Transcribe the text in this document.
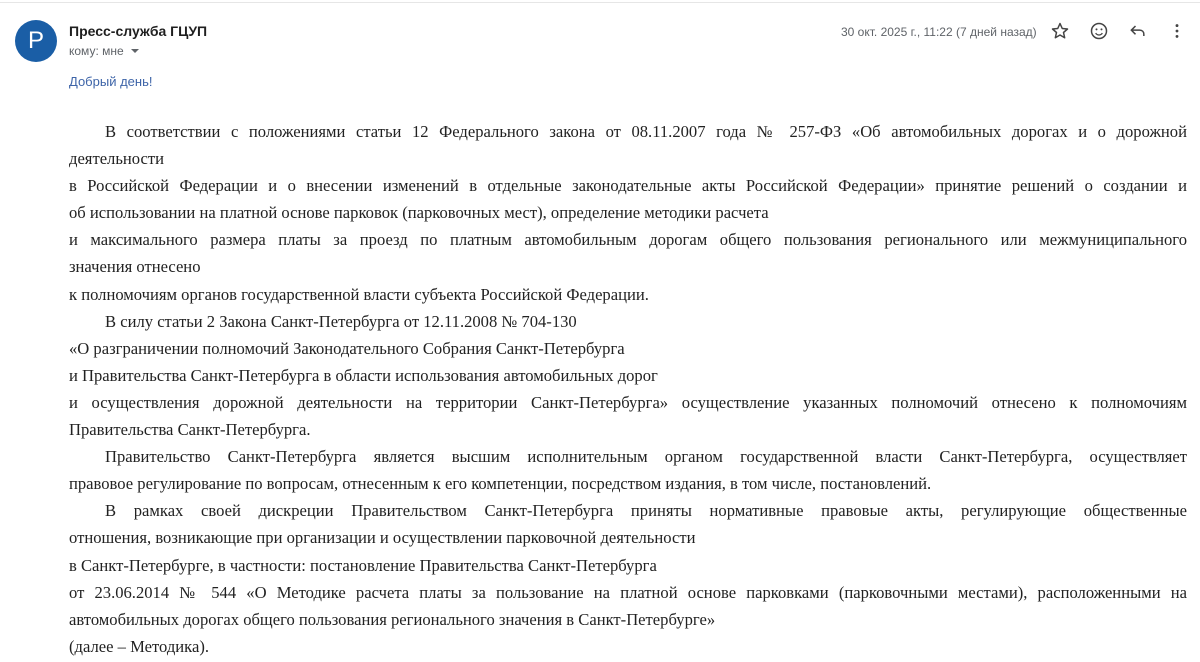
P Пресс-служба ГЦУП
кому: мне
30 окт. 2025 г., 11:22 (7 дней назад)
Добрый день!
В соответствии с положениями статьи 12 Федерального закона от 08.11.2007 года № 257-ФЗ «Об автомобильных дорогах и о дорожной
деятельности
в Российской Федерации и о внесении изменений в отдельные законодательные акты Российской Федерации» принятие решений о создании и
об использовании на платной основе парковок (парковочных мест), определение методики расчета
и максимального размера платы за проезд по платным автомобильным дорогам общего пользования регионального или межмуниципального
значения отнесено
к полномочиям органов государственной власти субъекта Российской Федерации.
В силу статьи 2 Закона Санкт-Петербурга от 12.11.2008 № 704-130
«О разграничении полномочий Законодательного Собрания Санкт-Петербурга
и Правительства Санкт-Петербурга в области использования автомобильных дорог
и осуществления дорожной деятельности на территории Санкт-Петербурга» осуществление указанных полномочий отнесено к полномочиям
Правительства Санкт-Петербурга.
Правительство Санкт-Петербурга является высшим исполнительным органом государственной власти Санкт-Петербурга, осуществляет
правовое регулирование по вопросам, отнесенным к его компетенции, посредством издания, в том числе, постановлений.
В рамках своей дискреции Правительством Санкт-Петербурга приняты нормативные правовые акты, регулирующие общественные
отношения, возникающие при организации и осуществлении парковочной деятельности
в Санкт-Петербурге, в частности: постановление Правительства Санкт-Петербурга
от 23.06.2014 № 544 «О Методике расчета платы за пользование на платной основе парковками (парковочными местами), расположенными на
автомобильных дорогах общего пользования регионального значения в Санкт-Петербурге»
(далее – Методика).
